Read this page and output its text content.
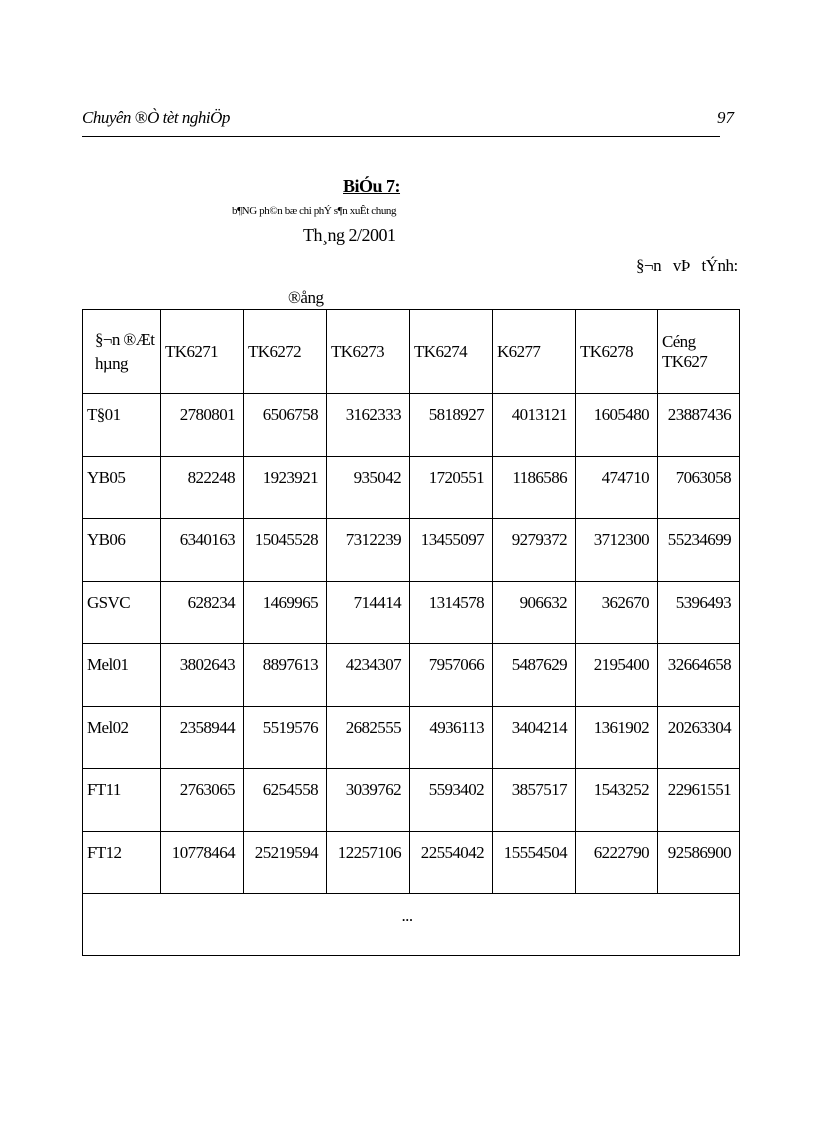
Chuyên ®Ò tèt nghiÖp	97
BiÓu 7:
b¶NG ph©n bæ chi phÝ s¶n xuÊt chung
Th¸ng 2/2001
§¬n vÞ tÝnh:
®ång
§¬n ®Æt hµng	TK6271	TK6272	TK6273	TK6274	K6277	TK6278	Céng TK627
T§01	2780801	6506758	3162333	5818927	4013121	1605480	23887436
YB05	822248	1923921	935042	1720551	1186586	474710	7063058
YB06	6340163	15045528	7312239	13455097	9279372	3712300	55234699
GSVC	628234	1469965	714414	1314578	906632	362670	5396493
Mel01	3802643	8897613	4234307	7957066	5487629	2195400	32664658
Mel02	2358944	5519576	2682555	4936113	3404214	1361902	20263304
FT11	2763065	6254558	3039762	5593402	3857517	1543252	22961551
FT12	10778464	25219594	12257106	22554042	15554504	6222790	92586900
...							
